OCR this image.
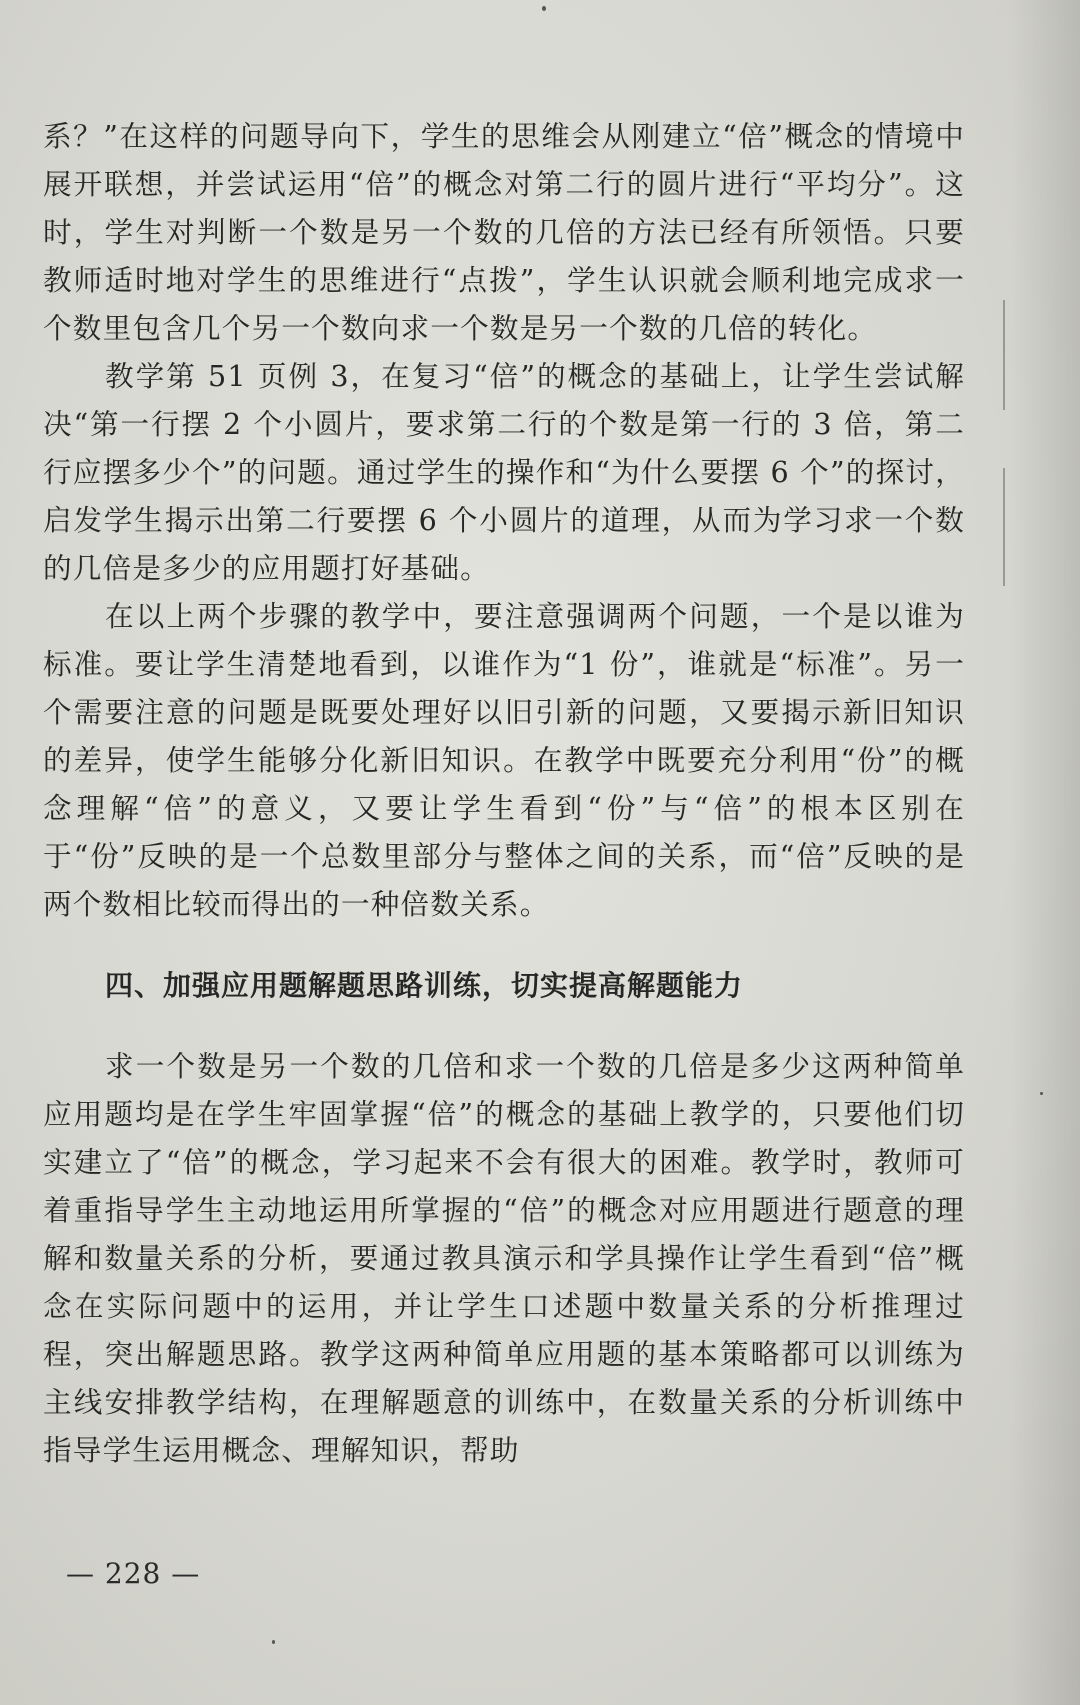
系？”在这样的问题导向下，学生的思维会从刚建立“倍”概念的情境中展开联想，并尝试运用“倍”的概念对第二行的圆片进行“平均分”。这时，学生对判断一个数是另一个数的几倍的方法已经有所领悟。只要教师适时地对学生的思维进行“点拨”，学生认识就会顺利地完成求一个数里包含几个另一个数向求一个数是另一个数的几倍的转化。

教学第 51 页例 3，在复习“倍”的概念的基础上，让学生尝试解决“第一行摆 2 个小圆片，要求第二行的个数是第一行的 3 倍，第二行应摆多少个”的问题。通过学生的操作和“为什么要摆 6 个”的探讨，启发学生揭示出第二行要摆 6 个小圆片的道理，从而为学习求一个数的几倍是多少的应用题打好基础。

在以上两个步骤的教学中，要注意强调两个问题，一个是以谁为标准。要让学生清楚地看到，以谁作为“1 份”，谁就是“标准”。另一个需要注意的问题是既要处理好以旧引新的问题，又要揭示新旧知识的差异，使学生能够分化新旧知识。在教学中既要充分利用“份”的概念理解“倍”的意义，又要让学生看到“份”与“倍”的根本区别在于“份”反映的是一个总数里部分与整体之间的关系，而“倍”反映的是两个数相比较而得出的一种倍数关系。

四、加强应用题解题思路训练，切实提高解题能力

求一个数是另一个数的几倍和求一个数的几倍是多少这两种简单应用题均是在学生牢固掌握“倍”的概念的基础上教学的，只要他们切实建立了“倍”的概念，学习起来不会有很大的困难。教学时，教师可着重指导学生主动地运用所掌握的“倍”的概念对应用题进行题意的理解和数量关系的分析，要通过教具演示和学具操作让学生看到“倍”概念在实际问题中的运用，并让学生口述题中数量关系的分析推理过程，突出解题思路。教学这两种简单应用题的基本策略都可以训练为主线安排教学结构，在理解题意的训练中，在数量关系的分析训练中指导学生运用概念、理解知识，帮助

— 228 —
